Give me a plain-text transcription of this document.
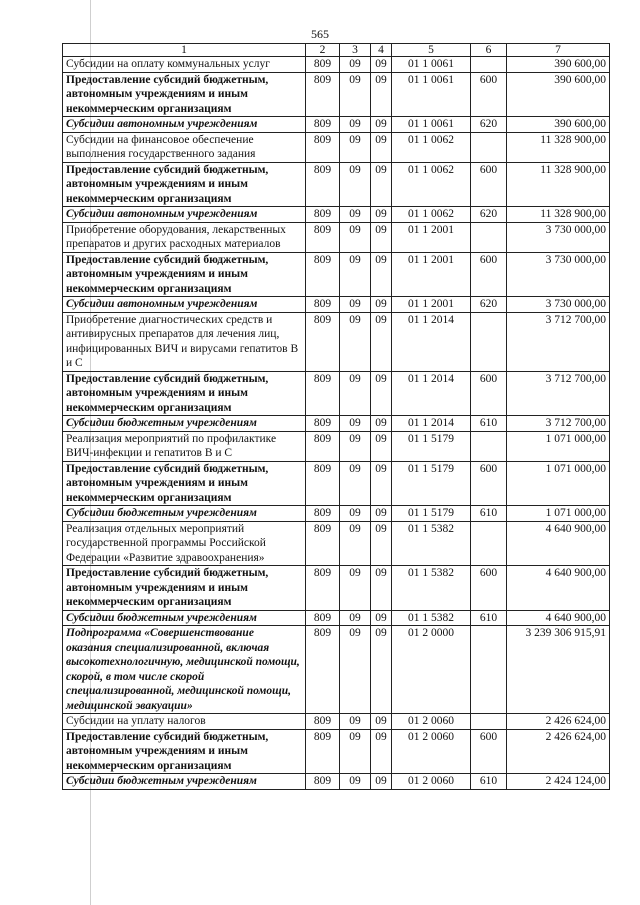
565
1	2	3	4	5	6	7
Субсидии на оплату коммунальных услуг	809	09	09	01 1 0061		390 600,00
Предоставление субсидий бюджетным, автономным учреждениям и иным некоммерческим организациям	809	09	09	01 1 0061	600	390 600,00
Субсидии автономным учреждениям	809	09	09	01 1 0061	620	390 600,00
Субсидии на финансовое обеспечение выполнения государственного задания	809	09	09	01 1 0062		11 328 900,00
Предоставление субсидий бюджетным, автономным учреждениям и иным некоммерческим организациям	809	09	09	01 1 0062	600	11 328 900,00
Субсидии автономным учреждениям	809	09	09	01 1 0062	620	11 328 900,00
Приобретение оборудования, лекарственных препаратов и других расходных материалов	809	09	09	01 1 2001		3 730 000,00
Предоставление субсидий бюджетным, автономным учреждениям и иным некоммерческим организациям	809	09	09	01 1 2001	600	3 730 000,00
Субсидии автономным учреждениям	809	09	09	01 1 2001	620	3 730 000,00
Приобретение диагностических средств и антивирусных препаратов для лечения лиц, инфицированных ВИЧ и вирусами гепатитов В и С	809	09	09	01 1 2014		3 712 700,00
Предоставление субсидий бюджетным, автономным учреждениям и иным некоммерческим организациям	809	09	09	01 1 2014	600	3 712 700,00
Субсидии бюджетным учреждениям	809	09	09	01 1 2014	610	3 712 700,00
Реализация мероприятий по профилактике ВИЧ-инфекции и гепатитов В и С	809	09	09	01 1 5179		1 071 000,00
Предоставление субсидий бюджетным, автономным учреждениям и иным некоммерческим организациям	809	09	09	01 1 5179	600	1 071 000,00
Субсидии бюджетным учреждениям	809	09	09	01 1 5179	610	1 071 000,00
Реализация отдельных мероприятий государственной программы Российской Федерации «Развитие здравоохранения»	809	09	09	01 1 5382		4 640 900,00
Предоставление субсидий бюджетным, автономным учреждениям и иным некоммерческим организациям	809	09	09	01 1 5382	600	4 640 900,00
Субсидии бюджетным учреждениям	809	09	09	01 1 5382	610	4 640 900,00
Подпрограмма «Совершенствование оказания специализированной, включая высокотехнологичную, медицинской помощи, скорой, в том числе скорой специализированной, медицинской помощи, медицинской эвакуации»	809	09	09	01 2 0000		3 239 306 915,91
Субсидии на уплату налогов	809	09	09	01 2 0060		2 426 624,00
Предоставление субсидий бюджетным, автономным учреждениям и иным некоммерческим организациям	809	09	09	01 2 0060	600	2 426 624,00
Субсидии бюджетным учреждениям	809	09	09	01 2 0060	610	2 424 124,00
